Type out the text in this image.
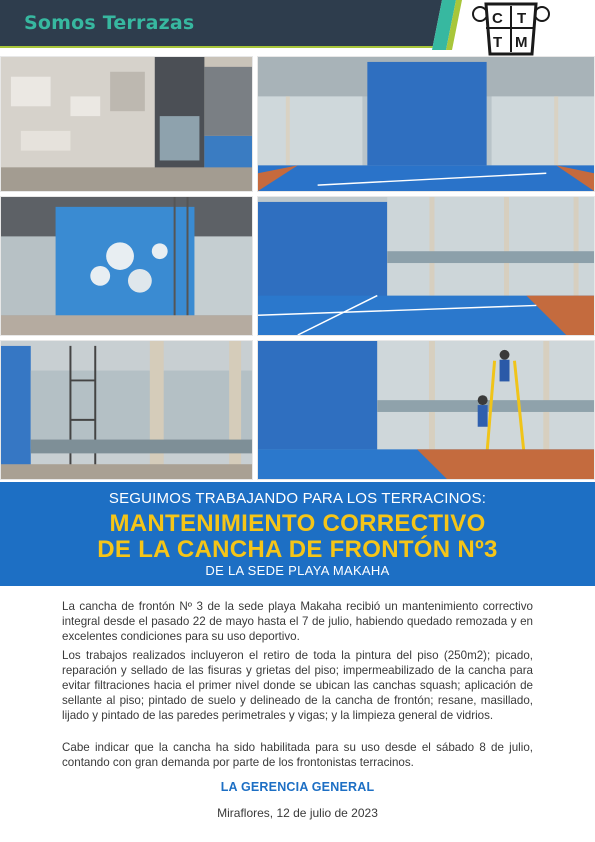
Somos Terrazas	C T
T M
SEGUIMOS TRABAJANDO PARA LOS TERRACINOS:
MANTENIMIENTO CORRECTIVO
DE LA CANCHA DE FRONTÓN Nº3
DE LA SEDE PLAYA MAKAHA

La cancha de frontón Nº 3 de la sede playa Makaha recibió un mantenimiento correctivo integral desde el pasado 22 de mayo hasta el 7 de julio, habiendo quedado remozada y en excelentes condiciones para su uso deportivo.

Los trabajos realizados incluyeron el retiro de toda la pintura del piso (250m2); picado, reparación y sellado de las fisuras y grietas del piso; impermeabilizado de la cancha para evitar filtraciones hacia el primer nivel donde se ubican las canchas squash; aplicación de sellante al piso; pintado de suelo y delineado de la cancha de frontón; resane, masillado, lijado y pintado de las paredes perimetrales y vigas; y la limpieza general de vidrios.

Cabe indicar que la cancha ha sido habilitada para su uso desde el sábado 8 de julio, contando con gran demanda por parte de los frontonistas terracinos.

LA GERENCIA GENERAL
Miraflores, 12 de julio de 2023
